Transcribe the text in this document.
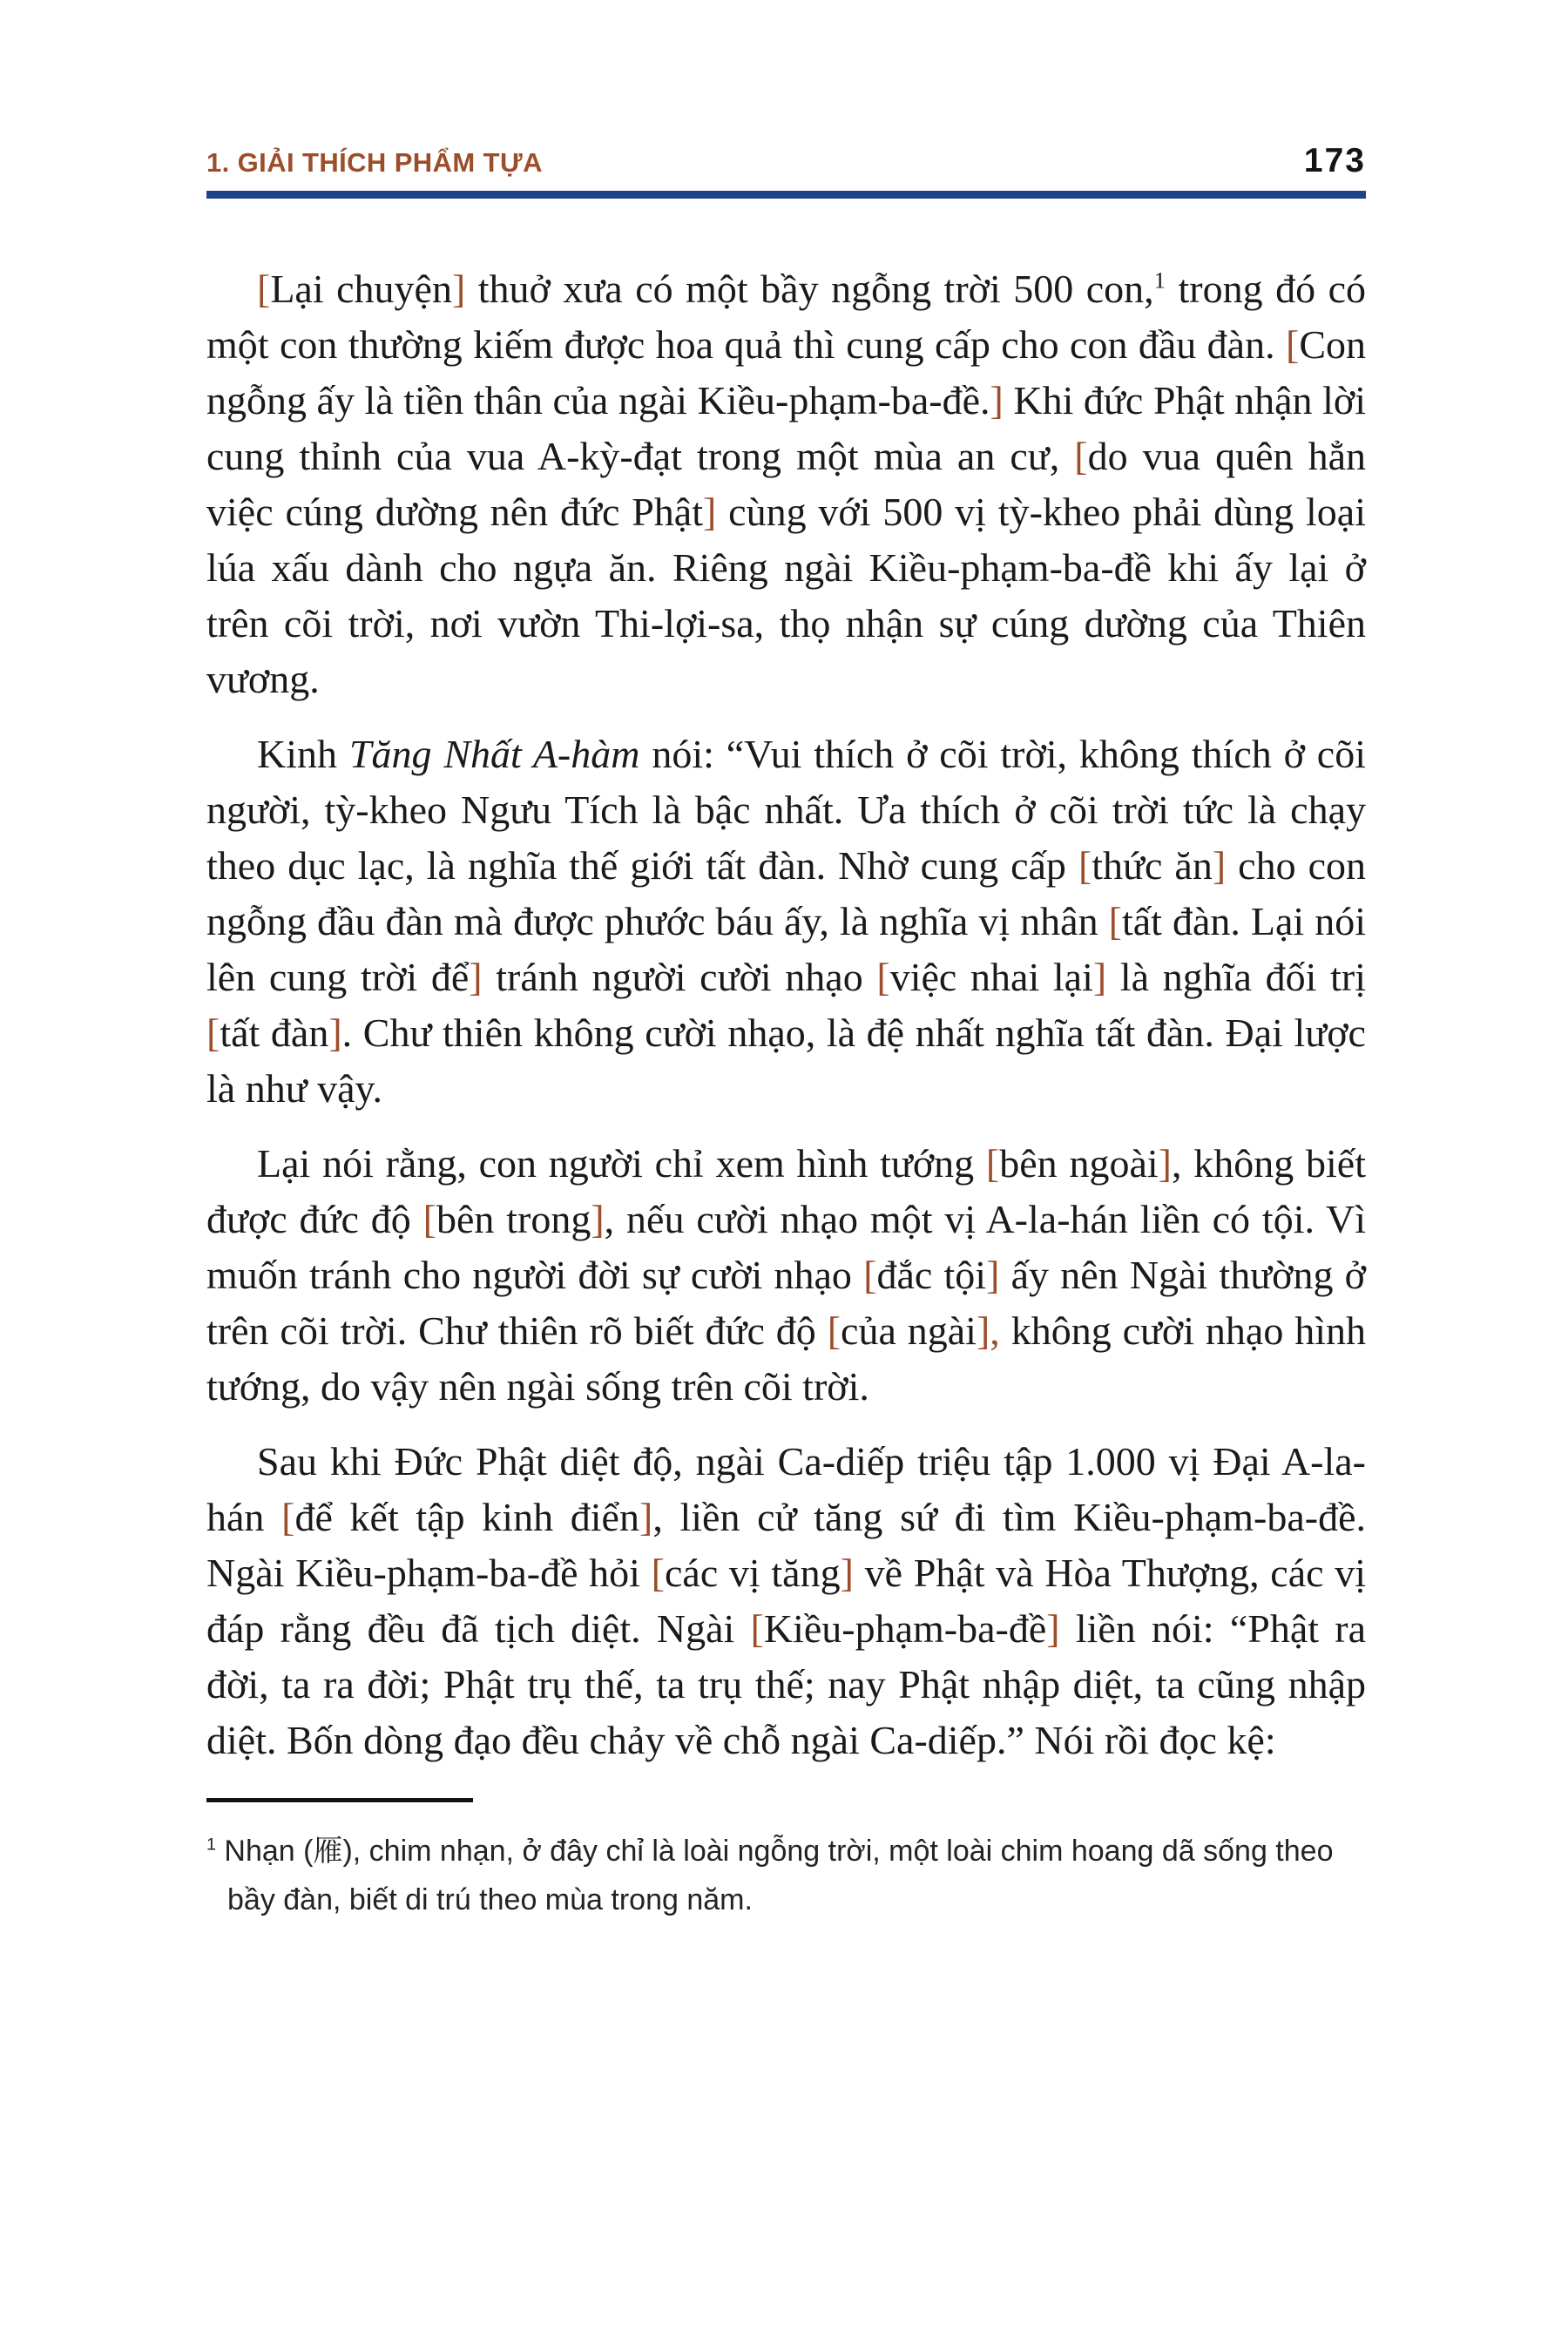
1. GIẢI THÍCH PHẨM TỰA	173

[Lại chuyện] thuở xưa có một bầy ngỗng trời 500 con,$^1$ trong đó có một con thường kiếm được hoa quả thì cung cấp cho con đầu đàn. [Con ngỗng ấy là tiền thân của ngài Kiều-phạm-ba-đề.] Khi đức Phật nhận lời cung thỉnh của vua A-kỳ-đạt trong một mùa an cư, [do vua quên hẳn việc cúng dường nên đức Phật] cùng với 500 vị tỳ-kheo phải dùng loại lúa xấu dành cho ngựa ăn. Riêng ngài Kiều-phạm-ba-đề khi ấy lại ở trên cõi trời, nơi vườn Thi-lợi-sa, thọ nhận sự cúng dường của Thiên vương.

Kinh Tăng Nhất A-hàm nói: “Vui thích ở cõi trời, không thích ở cõi người, tỳ-kheo Ngưu Tích là bậc nhất. Ưa thích ở cõi trời tức là chạy theo dục lạc, là nghĩa thế giới tất đàn. Nhờ cung cấp [thức ăn] cho con ngỗng đầu đàn mà được phước báu ấy, là nghĩa vị nhân [tất đàn. Lại nói lên cung trời để] tránh người cười nhạo [việc nhai lại] là nghĩa đối trị [tất đàn]. Chư thiên không cười nhạo, là đệ nhất nghĩa tất đàn. Đại lược là như vậy.

Lại nói rằng, con người chỉ xem hình tướng [bên ngoài], không biết được đức độ [bên trong], nếu cười nhạo một vị A-la-hán liền có tội. Vì muốn tránh cho người đời sự cười nhạo [đắc tội] ấy nên Ngài thường ở trên cõi trời. Chư thiên rõ biết đức độ [của ngài], không cười nhạo hình tướng, do vậy nên ngài sống trên cõi trời.

Sau khi Đức Phật diệt độ, ngài Ca-diếp triệu tập 1.000 vị Đại A-la-hán [để kết tập kinh điển], liền cử tăng sứ đi tìm Kiều-phạm-ba-đề. Ngài Kiều-phạm-ba-đề hỏi [các vị tăng] về Phật và Hòa Thượng, các vị đáp rằng đều đã tịch diệt. Ngài [Kiều-phạm-ba-đề] liền nói: “Phật ra đời, ta ra đời; Phật trụ thế, ta trụ thế; nay Phật nhập diệt, ta cũng nhập diệt. Bốn dòng đạo đều chảy về chỗ ngài Ca-diếp.” Nói rồi đọc kệ:

$^1$ Nhạn (雁), chim nhạn, ở đây chỉ là loài ngỗng trời, một loài chim hoang dã sống theo bầy đàn, biết di trú theo mùa trong năm.
